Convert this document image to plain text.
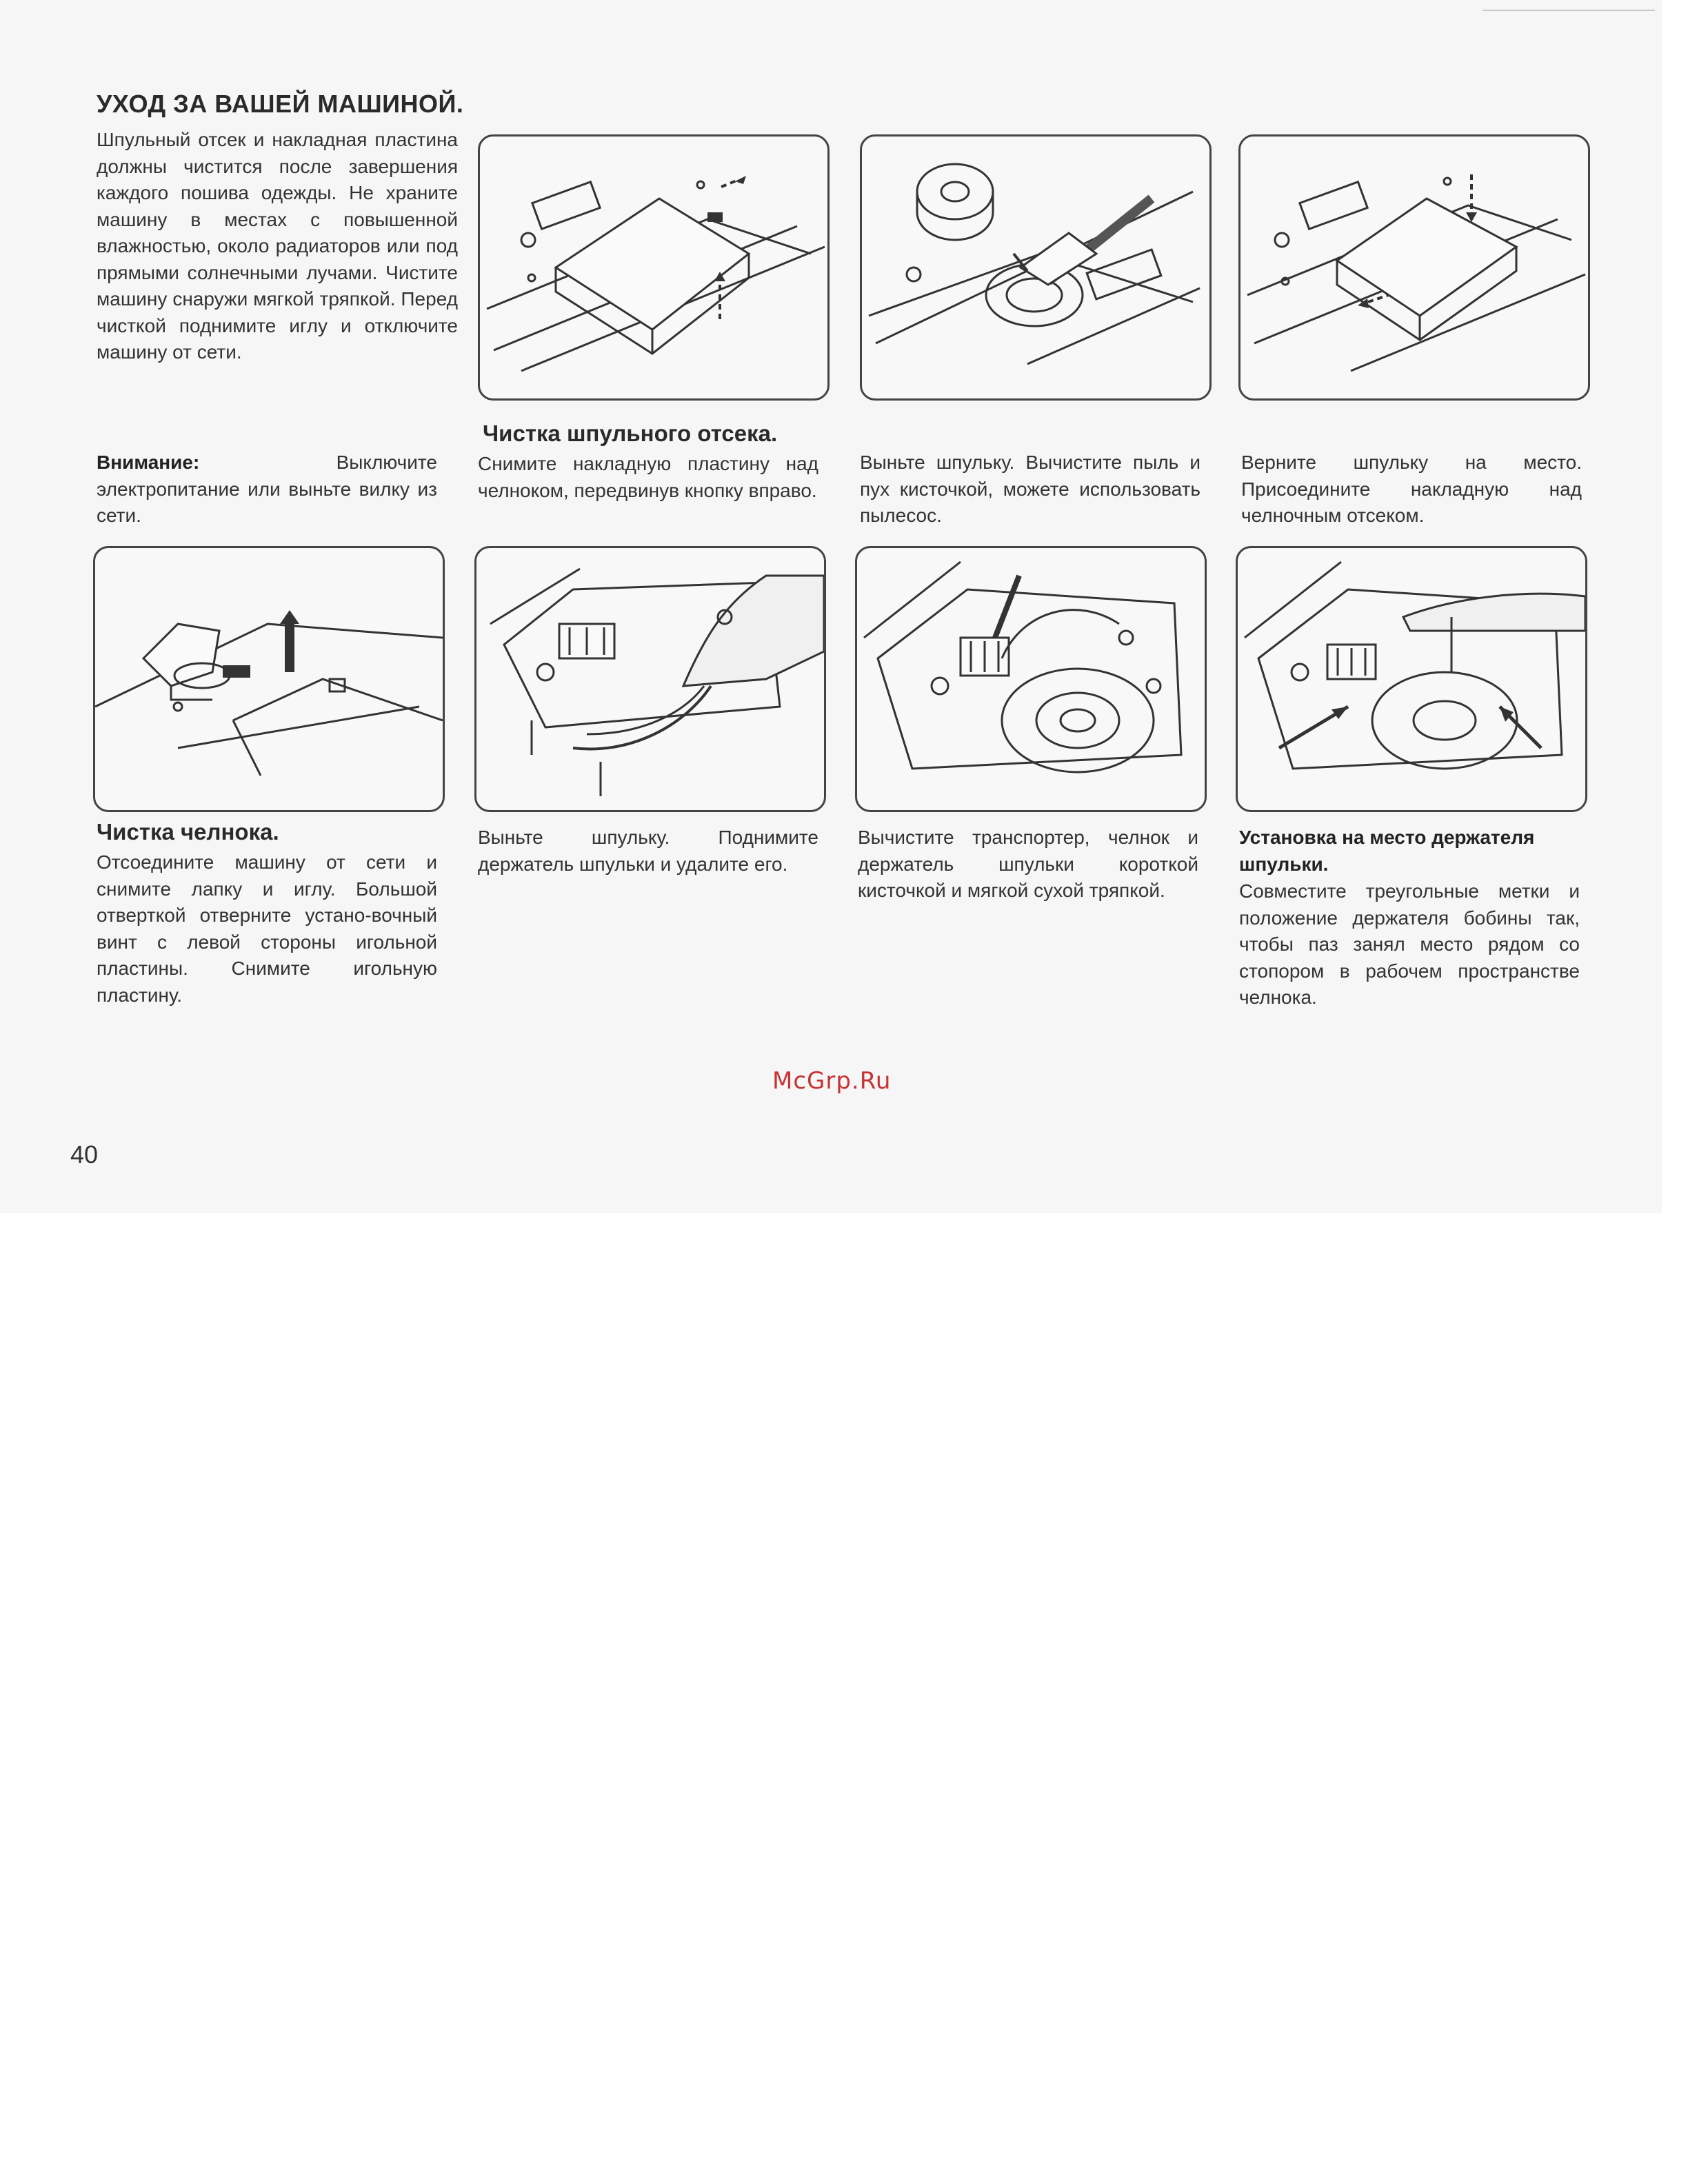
УХОД ЗА ВАШЕЙ МАШИНОЙ.

Шпульный отсек и накладная пластина должны чистится после завершения каждого пошива одежды. Не храните машину в местах с повышенной влажностью, около радиаторов или под прямыми солнечными лучами. Чистите машину снаружи мягкой тряпкой. Перед чисткой поднимите иглу и отключите машину от сети.

Внимание:	Выключите электропитание или выньте вилку из сети.

Чистка шпульного отсека.

Снимите накладную пластину над челноком, передвинув кнопку вправо.

Выньте шпульку. Вычистите пыль и пух кисточкой, можете использовать пылесос.

Верните шпульку на место. Присоедините накладную над челночным отсеком.

Чистка челнока.

Отсоедините машину от сети и снимите лапку и иглу. Большой отверткой отверните устано-вочный винт с левой стороны игольной пластины. Снимите игольную пластину.

Выньте шпульку. Поднимите держатель шпульки и удалите его.

Вычистите транспортер, челнок и держатель шпульки короткой кисточкой и мягкой сухой тряпкой.

Установка на место держателя шпульки.

Совместите треугольные метки и положение держателя бобины так, чтобы паз занял место рядом со стопором в рабочем пространстве челнока.

McGrp.Ru
40
